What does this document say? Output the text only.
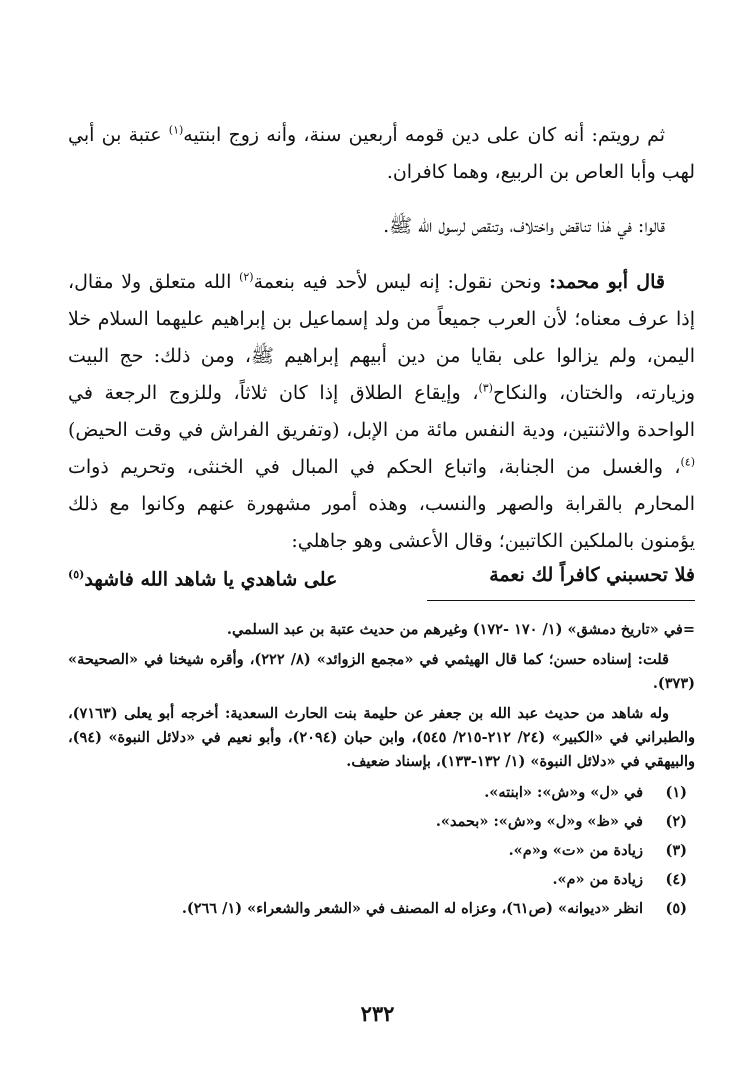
ثم رويتم: أنه كان على دين قومه أربعين سنة، وأنه زوج ابنتيه$^{(١)}$ عتبة بن أبي لهب وأبا العاص بن الربيع، وهما كافران.

قالوا: في هٰذا تناقض واختلاف، وتنقص لرسول الله ﷺ.

قال أبو محمد: ونحن نقول: إنه ليس لأحد فيه بنعمة$^{(٢)}$ الله متعلق ولا مقال، إذا عرف معناه؛ لأن العرب جميعاً من ولد إسماعيل بن إبراهيم عليهما السلام خلا اليمن، ولم يزالوا على بقايا من دين أبيهم إبراهيم ﷺ، ومن ذلك: حج البيت وزيارته، والختان، والنكاح$^{(٣)}$، وإيقاع الطلاق إذا كان ثلاثاً، وللزوج الرجعة في الواحدة والاثنتين، ودية النفس مائة من الإبل، (وتفريق الفراش في وقت الحيض)$^{(٤)}$، والغسل من الجنابة، واتباع الحكم في المبال في الخنثى، وتحريم ذوات المحارم بالقرابة والصهر والنسب، وهذه أمور مشهورة عنهم وكانوا مع ذلك يؤمنون بالملكين الكاتبين؛ وقال الأعشى وهو جاهلي:

فلا تحسبني كافراً لك نعمة
على شاهدي يا شاهد الله فاشهد$^{(٥)}$

=في «تاريخ دمشق» (١/ ١٧٠ -١٧٢) وغيرهم من حديث عتبة بن عبد السلمي.

قلت: إسناده حسن؛ كما قال الهيثمي في «مجمع الزوائد» (٨/ ٢٢٢)، وأقره شيخنا في «الصحيحة» (٣٧٣).

وله شاهد من حديث عبد الله بن جعفر عن حليمة بنت الحارث السعدية: أخرجه أبو يعلى (٧١٦٣)، والطبراني في «الكبير» (٢٤/ ٢١٢-٢١٥/ ٥٤٥)، وابن حبان (٢٠٩٤)، وأبو نعيم في «دلائل النبوة» (٩٤)، والبيهقي في «دلائل النبوة» (١/ ١٣٢-١٣٣)، بإسناد ضعيف.

(١)
في «ل» و«ش»: «ابنته».
(٢)
في «ظ» و«ل» و«ش»: «بحمد».
(٣)
زيادة من «ت» و«م».
(٤)
زيادة من «م».
(٥)
انظر «ديوانه» (ص٦١)، وعزاه له المصنف في «الشعر والشعراء» (١/ ٢٦٦).
٢٣٢
